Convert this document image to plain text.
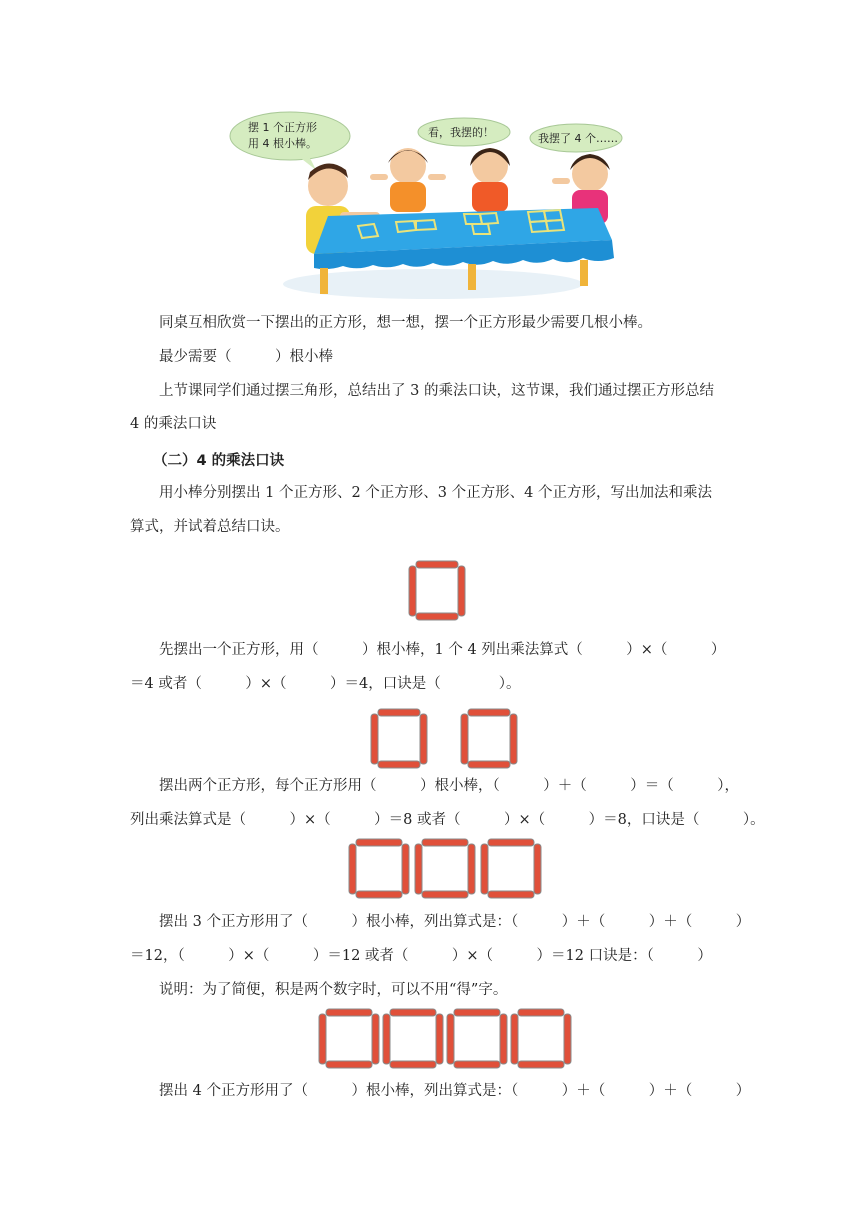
摆 1 个正方形
用 4 根小棒。
看，我摆的！	我摆了 4 个……
同桌互相欣赏一下摆出的正方形，想一想，摆一个正方形最少需要几根小棒。
最少需要（　　　）根小棒
上节课同学们通过摆三角形，总结出了 3 的乘法口诀，这节课，我们通过摆正方形总结
4 的乘法口诀
（二）4 的乘法口诀
用小棒分别摆出 1 个正方形、2 个正方形、3 个正方形、4 个正方形，写出加法和乘法
算式，并试着总结口诀。
先摆出一个正方形，用（　　　）根小棒，1 个 4 列出乘法算式（　　　）×（　　　）
＝4 或者（　　　）×（　　　）＝4，口诀是（　　　　）。
摆出两个正方形，每个正方形用（　　　）根小棒，（　　　）＋（　　　）＝（　　　），
列出乘法算式是（　　　）×（　　　）＝8 或者（　　　）×（　　　）＝8，口诀是（　　　）。
摆出 3 个正方形用了（　　　）根小棒，列出算式是：（　　　）＋（　　　）＋（　　　）
＝12，（　　　）×（　　　）＝12 或者（　　　）×（　　　）＝12 口诀是：（　　　）
说明：为了简便，积是两个数字时，可以不用“得”字。
摆出 4 个正方形用了（　　　）根小棒，列出算式是：（　　　）＋（　　　）＋（　　　）
